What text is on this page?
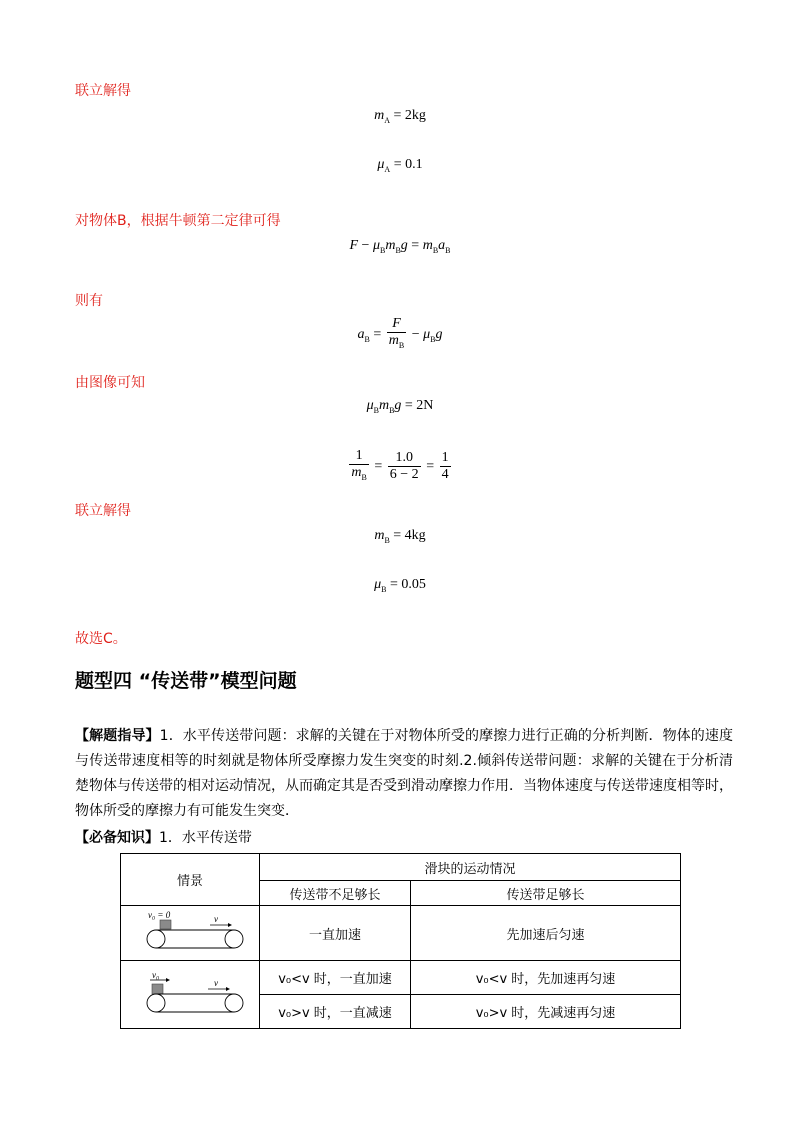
联立解得
$m_A = 2kg$
$\mu_A = 0.1$
对物体B，根据牛顿第二定律可得
$F - \mu_Bm_Bg = m_Ba_B$
则有
$a_B = \frac{F}{m_B} - \mu_Bg$
由图像可知
$\mu_Bm_Bg = 2N$
$\frac{1}{m_B} = \frac{1.0}{6 - 2} = \frac{1}{4}$
联立解得
$m_B = 4kg$
$\mu_B = 0.05$
故选C。
题型四 “传送带”模型问题
【解题指导】1．水平传送带问题：求解的关键在于对物体所受的摩擦力进行正确的分析判断．物体的速度与传送带速度相等的时刻就是物体所受摩擦力发生突变的时刻.2.倾斜传送带问题：求解的关键在于分析清楚物体与传送带的相对运动情况，从而确定其是否受到滑动摩擦力作用．当物体速度与传送带速度相等时，物体所受的摩擦力有可能发生突变．
【必备知识】1．水平传送带
情景	滑块的运动情况	
	传送带不足够长	传送带足够长

v₀ = 0 v	一直加速	先加速后匀速

v₀
v	v₀<v 时，一直加速	v₀<v 时，先加速再匀速
	v₀>v 时，一直减速	v₀>v 时，先减速再匀速
